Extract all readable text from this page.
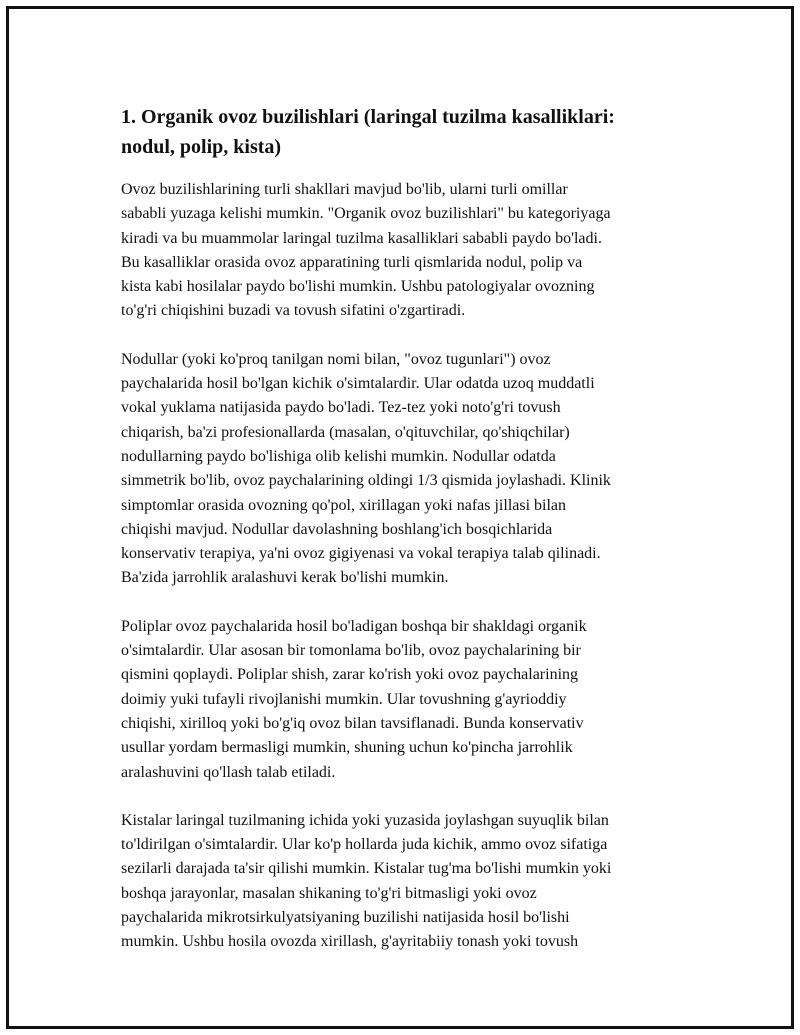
1. Organik ovoz buzilishlari (laringal tuzilma kasalliklari:
nodul, polip, kista)

Ovoz buzilishlarining turli shakllari mavjud bo'lib, ularni turli omillar
sababli yuzaga kelishi mumkin. "Organik ovoz buzilishlari" bu kategoriyaga
kiradi va bu muammolar laringal tuzilma kasalliklari sababli paydo bo'ladi.
Bu kasalliklar orasida ovoz apparatining turli qismlarida nodul, polip va
kista kabi hosilalar paydo bo'lishi mumkin. Ushbu patologiyalar ovozning
to'g'ri chiqishini buzadi va tovush sifatini o'zgartiradi.

Nodullar (yoki ko'proq tanilgan nomi bilan, "ovoz tugunlari") ovoz
paychalarida hosil bo'lgan kichik o'simtalardir. Ular odatda uzoq muddatli
vokal yuklama natijasida paydo bo'ladi. Tez-tez yoki noto'g'ri tovush
chiqarish, ba'zi profesionallarda (masalan, o'qituvchilar, qo'shiqchilar)
nodullarning paydo bo'lishiga olib kelishi mumkin. Nodullar odatda
simmetrik bo'lib, ovoz paychalarining oldingi 1/3 qismida joylashadi. Klinik
simptomlar orasida ovozning qo'pol, xirillagan yoki nafas jillasi bilan
chiqishi mavjud. Nodullar davolashning boshlang'ich bosqichlarida
konservativ terapiya, ya'ni ovoz gigiyenasi va vokal terapiya talab qilinadi.
Ba'zida jarrohlik aralashuvi kerak bo'lishi mumkin.

Poliplar ovoz paychalarida hosil bo'ladigan boshqa bir shakldagi organik
o'simtalardir. Ular asosan bir tomonlama bo'lib, ovoz paychalarining bir
qismini qoplaydi. Poliplar shish, zarar ko'rish yoki ovoz paychalarining
doimiy yuki tufayli rivojlanishi mumkin. Ular tovushning g'ayrioddiy
chiqishi, xirilloq yoki bo'g'iq ovoz bilan tavsiflanadi. Bunda konservativ
usullar yordam bermasligi mumkin, shuning uchun ko'pincha jarrohlik
aralashuvini qo'llash talab etiladi.

Kistalar laringal tuzilmaning ichida yoki yuzasida joylashgan suyuqlik bilan
to'ldirilgan o'simtalardir. Ular ko'p hollarda juda kichik, ammo ovoz sifatiga
sezilarli darajada ta'sir qilishi mumkin. Kistalar tug'ma bo'lishi mumkin yoki
boshqa jarayonlar, masalan shikaning to'g'ri bitmasligi yoki ovoz
paychalarida mikrotsirkulyatsiyaning buzilishi natijasida hosil bo'lishi
mumkin. Ushbu hosila ovozda xirillash, g'ayritabiiy tonash yoki tovush
